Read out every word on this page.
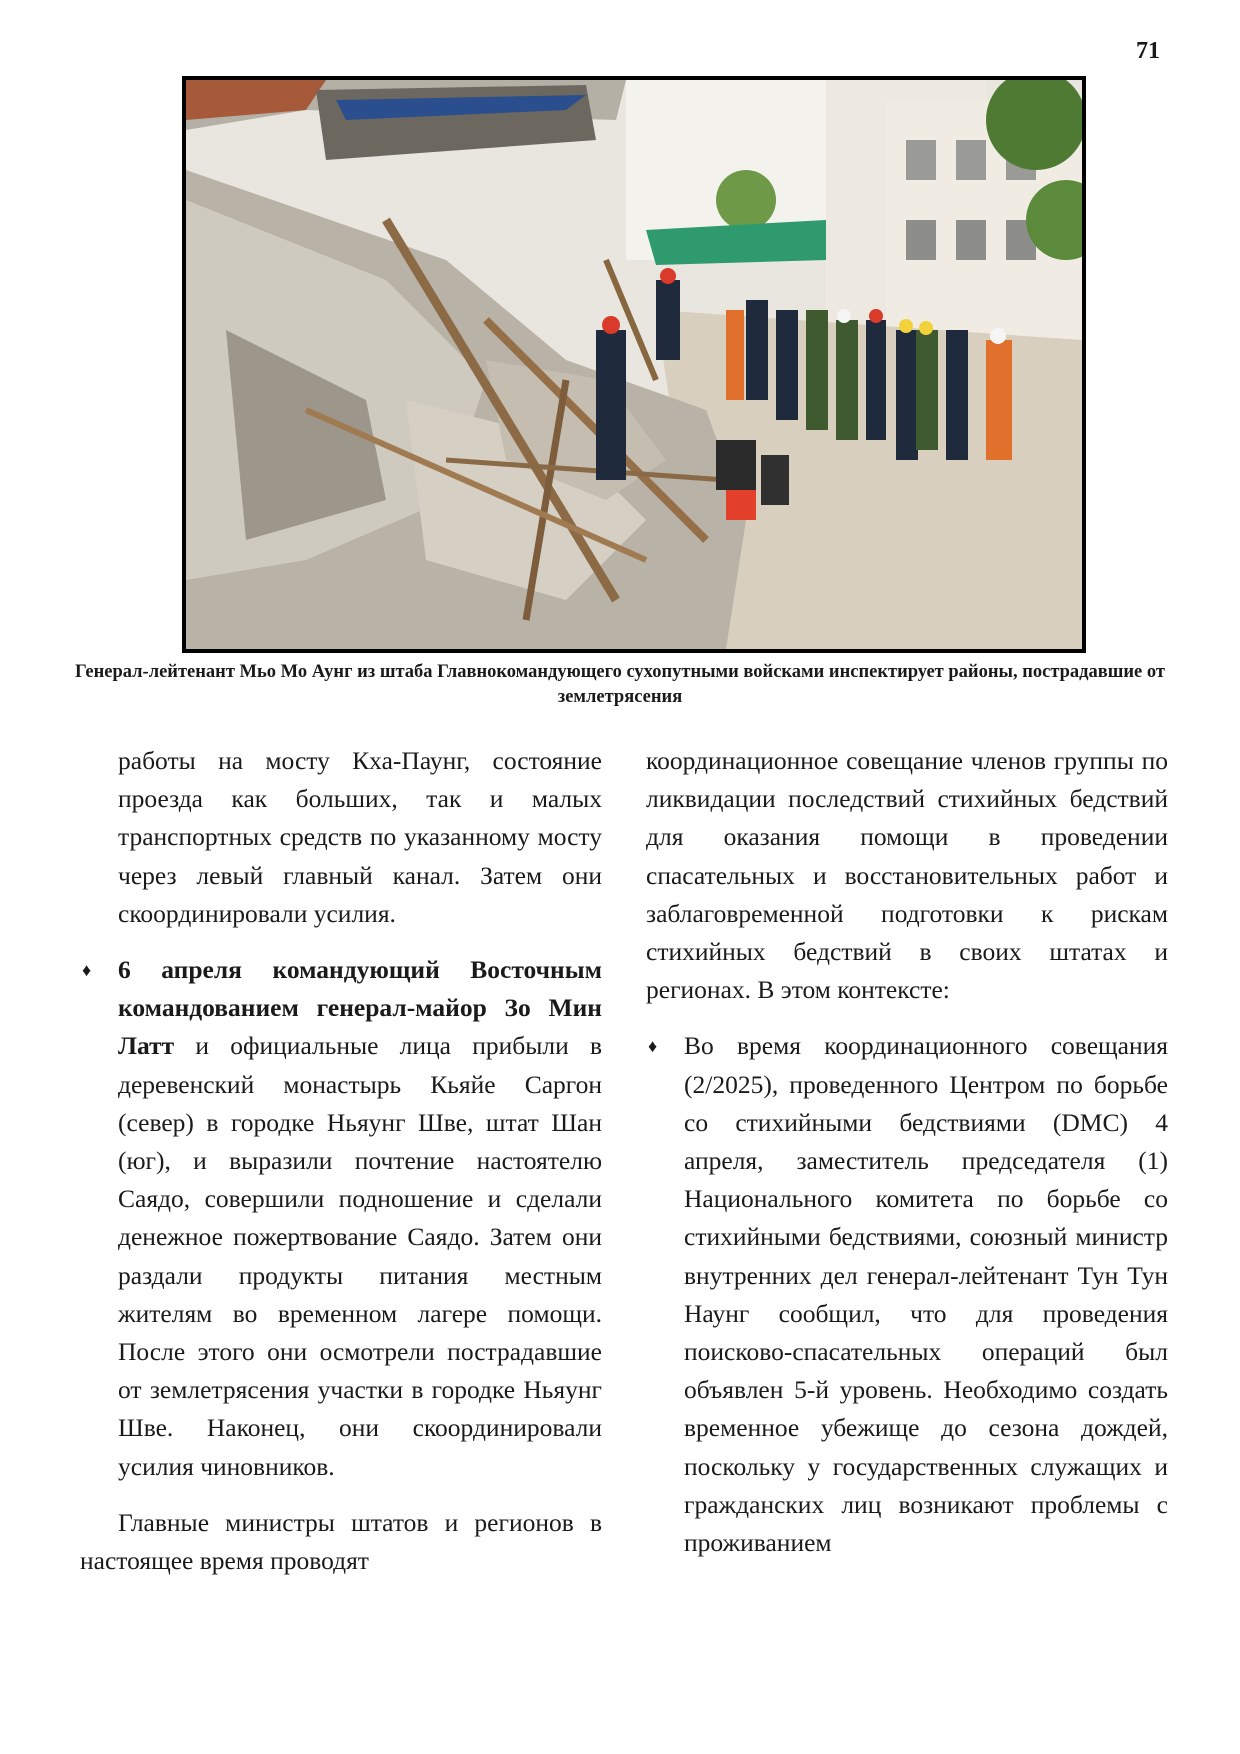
71
Генерал-лейтенант Мьо Мо Аунг из штаба Главнокомандующего сухопутными войсками инспектирует районы, пострадавшие от землетрясения

работы на мосту Кха-Паунг, состояние проезда как больших, так и малых транспортных средств по указанному мосту через левый главный канал. Затем они скоординировали усилия.

♦ 6 апреля командующий Восточным командованием генерал-майор Зо Мин Латт и официальные лица прибыли в деревенский монастырь Кьяйе Саргон (север) в городке Ньяунг Шве, штат Шан (юг), и выразили почтение настоятелю Саядо, совершили подношение и сделали денежное пожертвование Саядо. Затем они раздали продукты питания местным жителям во временном лагере помощи. После этого они осмотрели пострадавшие от землетрясения участки в городке Ньяунг Шве. Наконец, они скоординировали усилия чиновников.

Главные министры штатов и регионов в настоящее время проводят

координационное совещание членов группы по ликвидации последствий стихийных бедствий для оказания помощи в проведении спасательных и восстановительных работ и заблаговременной подготовки к рискам стихийных бедствий в своих штатах и регионах. В этом контексте:

♦ Во время координационного совещания (2/2025), проведенного Центром по борьбе со стихийными бедствиями (DMC) 4 апреля, заместитель председателя (1) Национального комитета по борьбе со стихийными бедствиями, союзный министр внутренних дел генерал-лейтенант Тун Тун Наунг сообщил, что для проведения поисково-спасательных операций был объявлен 5-й уровень. Необходимо создать временное убежище до сезона дождей, поскольку у государственных служащих и гражданских лиц возникают проблемы с проживанием
